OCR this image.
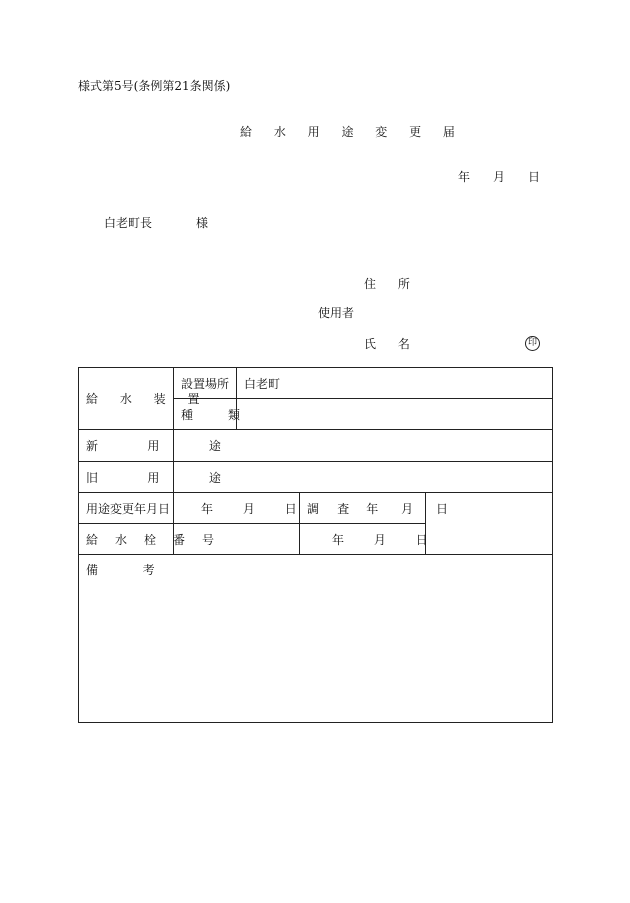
様式第5号(条例第21条関係)
給 水 用 途 変 更 届
年 月 日
白老町長	様
住 所
使用者
氏 名	印
給 水 装 置	設置場所	白老町		
	種 類			
新 用 途				
旧 用 途				
用途変更年月日	年 月 日		調 査 年 月 日	
給 水 栓 番 号			年 月 日	
備 考				
